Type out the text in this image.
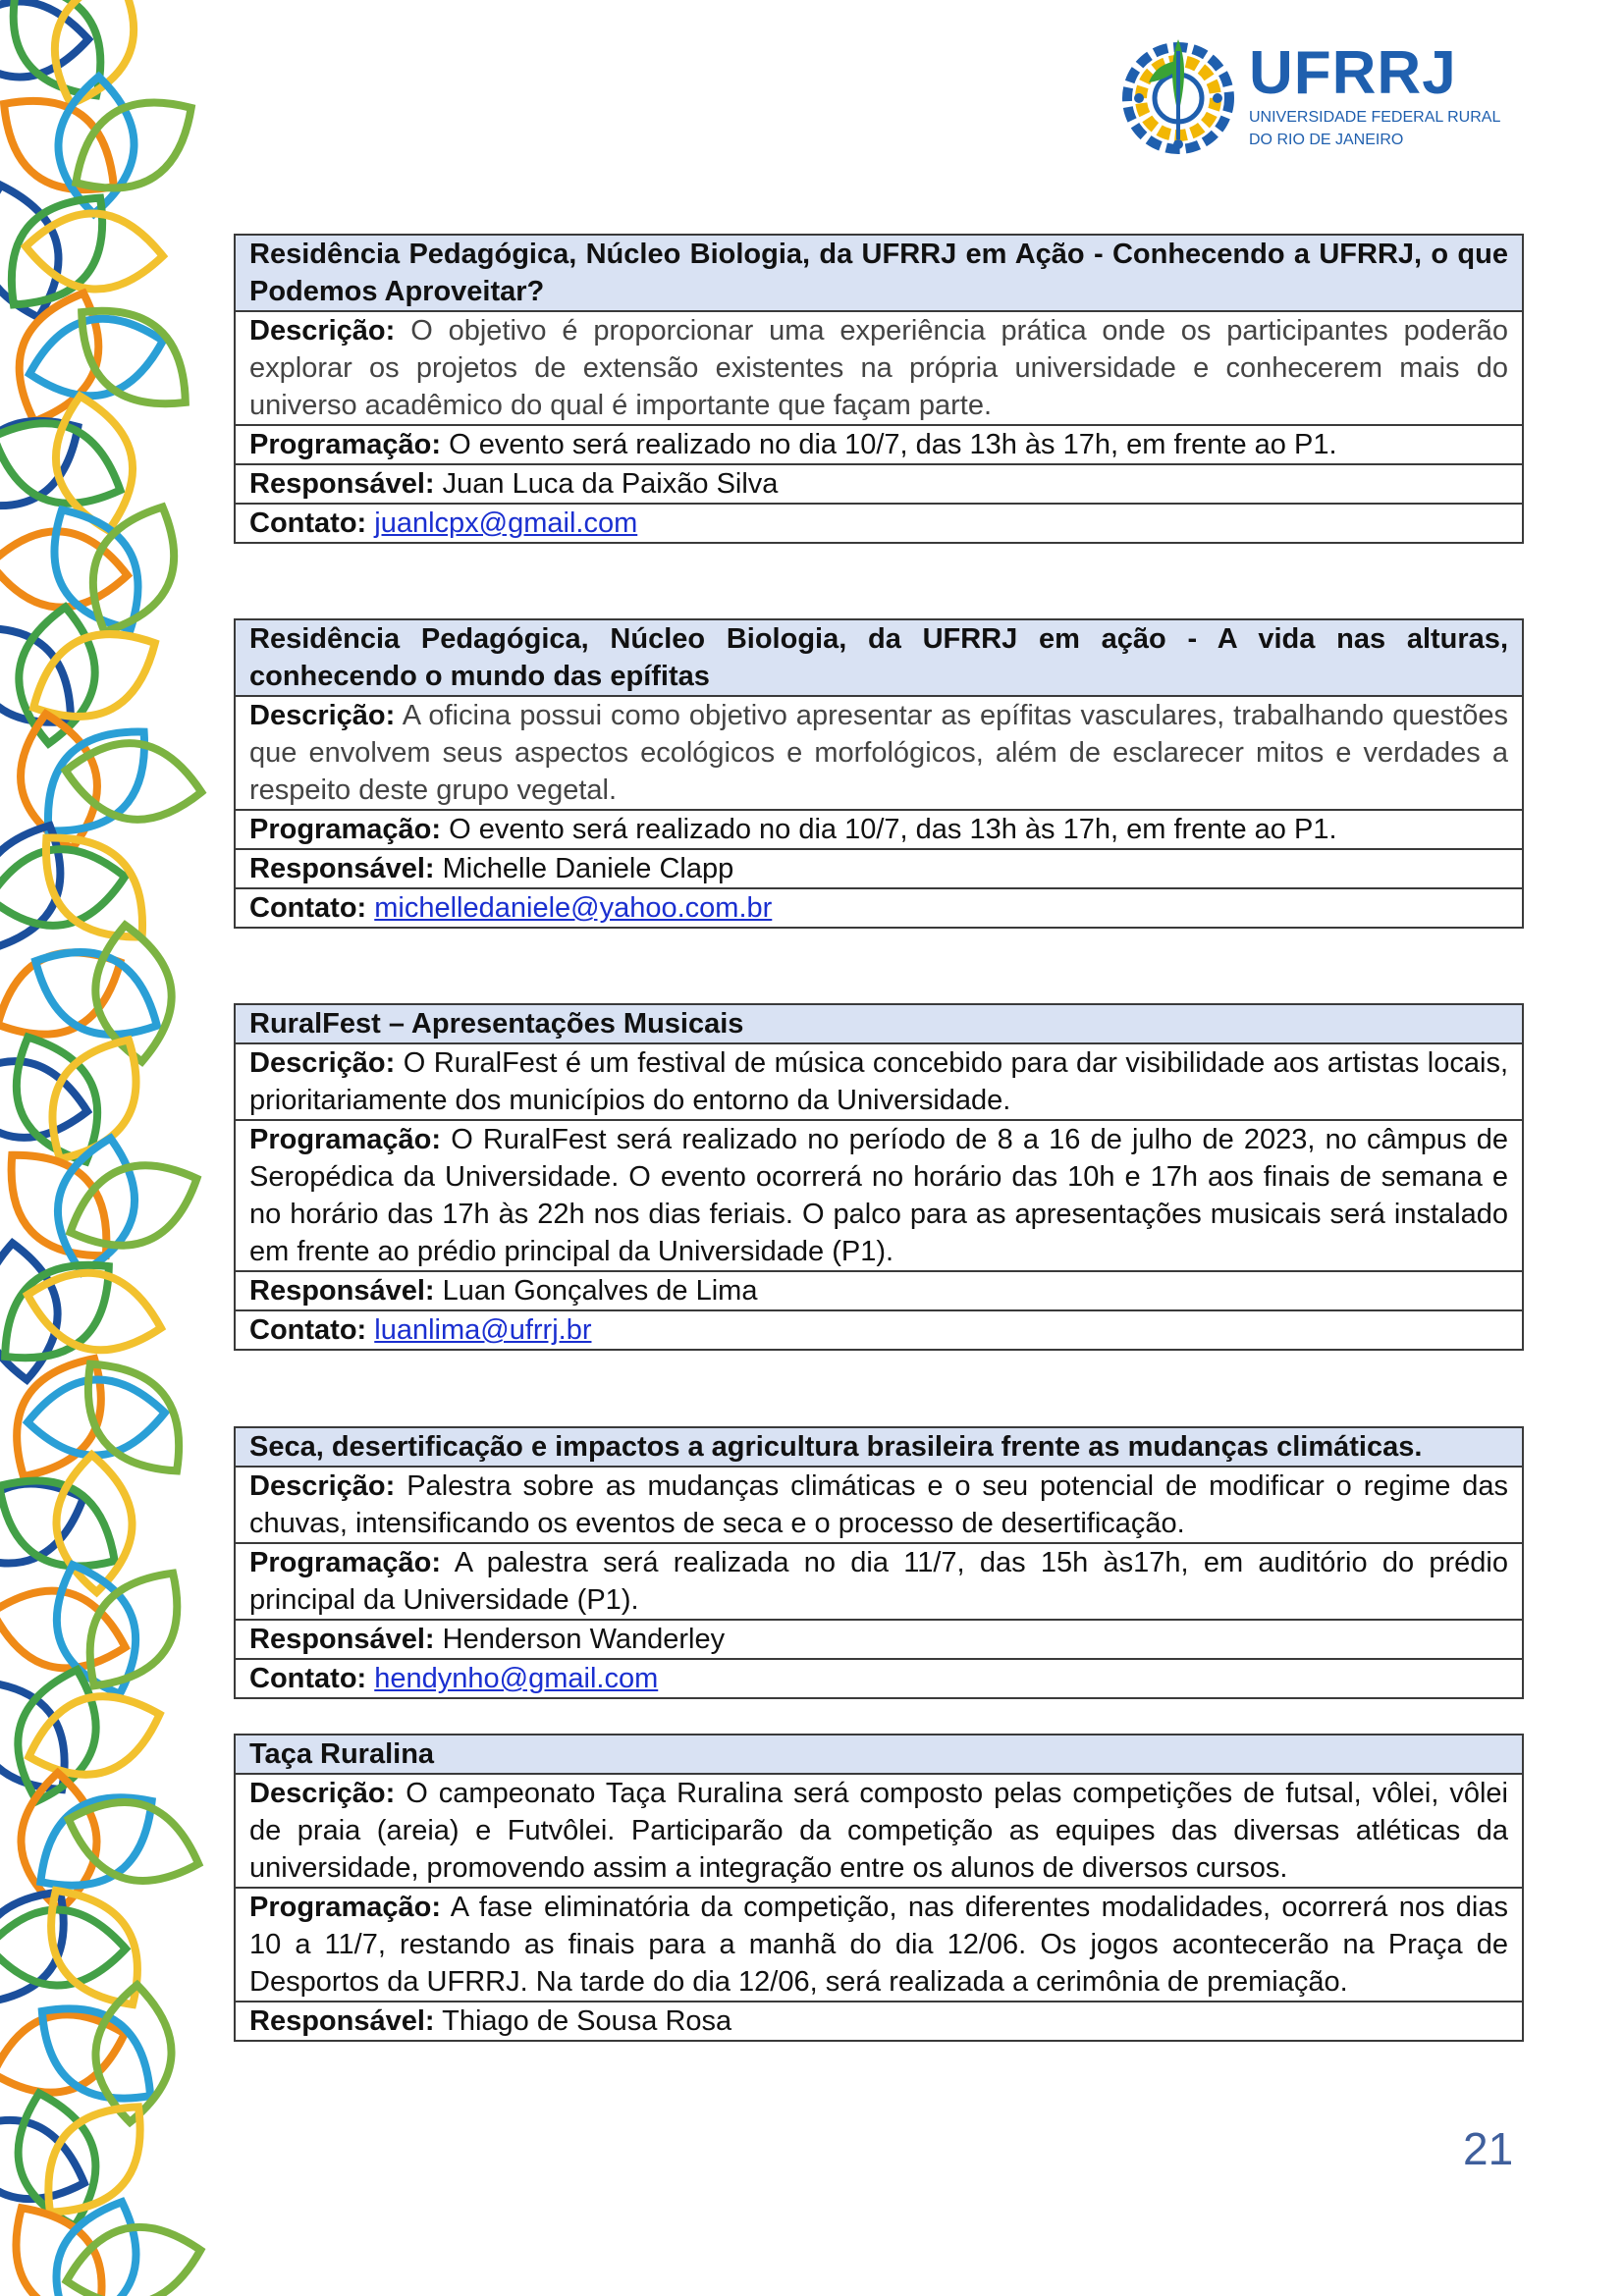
UFRRJ
UNIVERSIDADE FEDERAL RURAL
DO RIO DE JANEIRO
Residência Pedagógica, Núcleo Biologia, da UFRRJ em Ação - Conhecendo a UFRRJ, o que Podemos Aproveitar?
Descrição: O objetivo é proporcionar uma experiência prática onde os participantes poderão explorar os projetos de extensão existentes na própria universidade e conhecerem mais do universo acadêmico do qual é importante que façam parte.
Programação: O evento será realizado no dia 10/7, das 13h às 17h, em frente ao P1.
Responsável: Juan Luca da Paixão Silva
Contato: juanlcpx@gmail.com
Residência Pedagógica, Núcleo Biologia, da UFRRJ em ação - A vida nas alturas, conhecendo o mundo das epífitas
Descrição: A oficina possui como objetivo apresentar as epífitas vasculares, trabalhando questões que envolvem seus aspectos ecológicos e morfológicos, além de esclarecer mitos e verdades a respeito deste grupo vegetal.
Programação: O evento será realizado no dia 10/7, das 13h às 17h, em frente ao P1.
Responsável: Michelle Daniele Clapp
Contato: michelledaniele@yahoo.com.br
RuralFest – Apresentações Musicais
Descrição: O RuralFest é um festival de música concebido para dar visibilidade aos artistas locais, prioritariamente dos municípios do entorno da Universidade.
Programação: O RuralFest será realizado no período de 8 a 16 de julho de 2023, no câmpus de Seropédica da Universidade. O evento ocorrerá no horário das 10h e 17h aos finais de semana e no horário das 17h às 22h nos dias feriais. O palco para as apresentações musicais será instalado em frente ao prédio principal da Universidade (P1).
Responsável: Luan Gonçalves de Lima
Contato: luanlima@ufrrj.br
Seca, desertificação e impactos a agricultura brasileira frente as mudanças climáticas.
Descrição: Palestra sobre as mudanças climáticas e o seu potencial de modificar o regime das chuvas, intensificando os eventos de seca e o processo de desertificação.
Programação: A palestra será realizada no dia 11/7, das 15h às17h, em auditório do prédio principal da Universidade (P1).
Responsável: Henderson Wanderley
Contato: hendynho@gmail.com
Taça Ruralina
Descrição: O campeonato Taça Ruralina será composto pelas competições de futsal, vôlei, vôlei de praia (areia) e Futvôlei. Participarão da competição as equipes das diversas atléticas da universidade, promovendo assim a integração entre os alunos de diversos cursos.
Programação: A fase eliminatória da competição, nas diferentes modalidades, ocorrerá nos dias 10 a 11/7, restando as finais para a manhã do dia 12/06. Os jogos acontecerão na Praça de Desportos da UFRRJ. Na tarde do dia 12/06, será realizada a cerimônia de premiação.
Responsável: Thiago de Sousa Rosa
21
